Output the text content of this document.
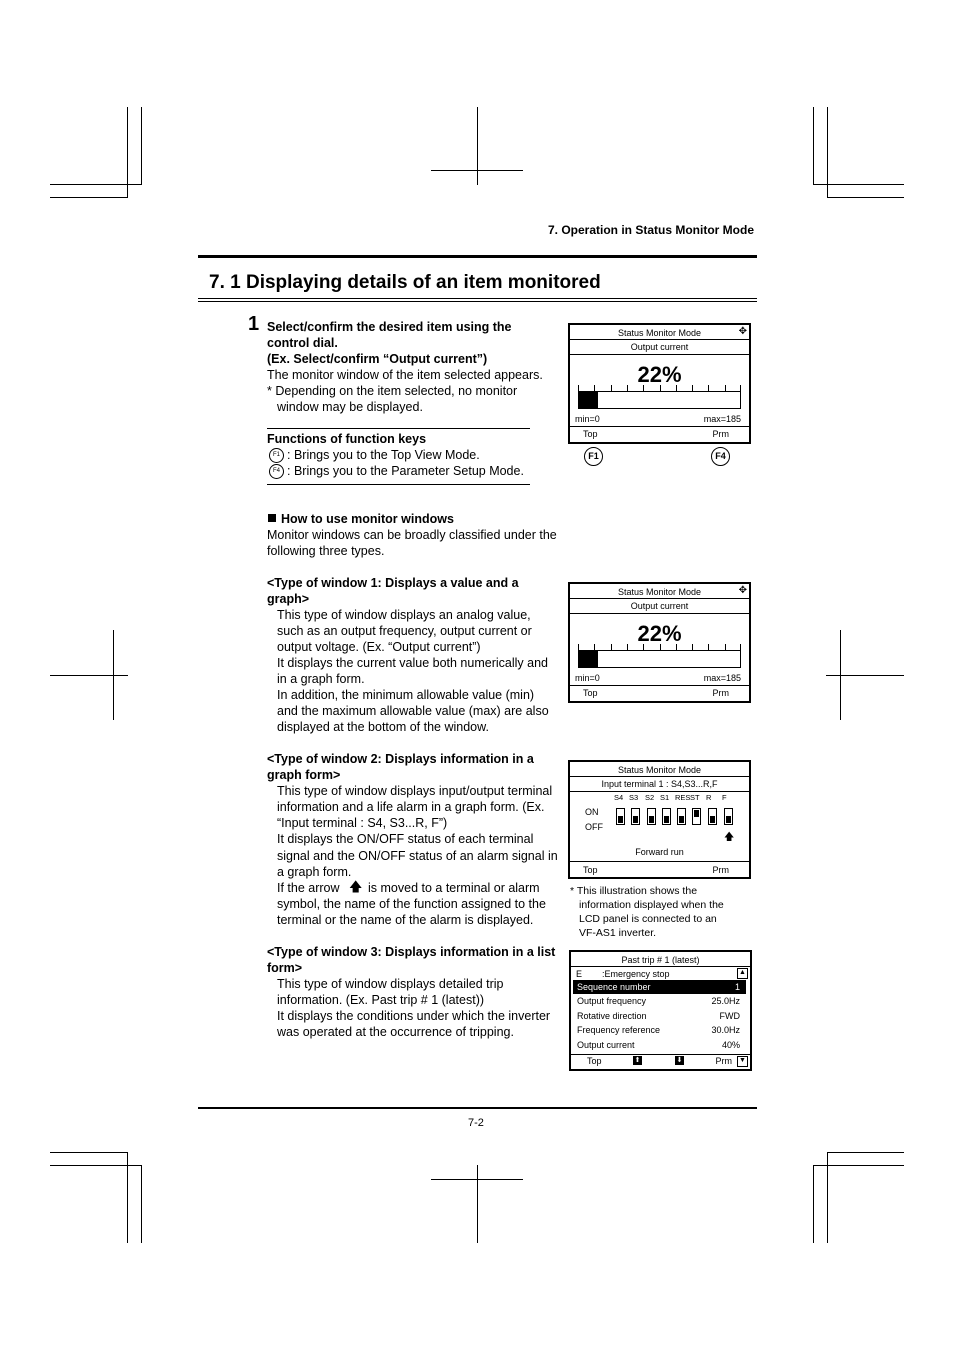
7. Operation in Status Monitor Mode
7. 1 Displaying details of an item monitored
1 Select/confirm the desired item using the
control dial.
(Ex. Select/confirm “Output current”)
The monitor window of the item selected appears.
* Depending on the item selected, no monitor
window may be displayed.
Functions of function keys
F1 : Brings you to the Top View Mode.
F4 : Brings you to the Parameter Setup Mode.
Status Monitor Mode	✥
Output current
22%
min=0	max=185
Top	Prm
F1	F4
How to use monitor windows
Monitor windows can be broadly classified under the
following three types.
<Type of window 1: Displays a value and a
graph>
This type of window displays an analog value,
such as an output frequency, output current or
output voltage. (Ex. “Output current”)
It displays the current value both numerically and
in a graph form.
In addition, the minimum allowable value (min)
and the maximum allowable value (max) are also
displayed at the bottom of the window.
Status Monitor Mode	✥
Output current
22%
min=0	max=185
Top	Prm
<Type of window 2: Displays information in a
graph form>
This type of window displays input/output terminal
information and a life alarm in a graph form. (Ex.
“Input terminal : S4, S3...R, F”)
It displays the ON/OFF status of each terminal
signal and the ON/OFF status of an alarm signal in
a graph form.
If the arrow 🡅 is moved to a terminal or alarm
symbol, the name of the function assigned to the
terminal or the name of the alarm is displayed.
Status Monitor Mode
Input terminal 1 : S4,S3...R,F
S4 S3 S2 S1 RES ST R F
ON
OFF
🡅
Forward run
Top	Prm
* This illustration shows the
information displayed when the
LCD panel is connected to an
VF-AS1 inverter.
<Type of window 3: Displays information in a list
form>
This type of window displays detailed trip
information. (Ex. Past trip # 1 (latest))
It displays the conditions under which the inverter
was operated at the occurrence of tripping.
Past trip # 1 (latest)
E :Emergency stop	▲
Sequence number	1
Output frequency	25.0Hz
Rotative direction	FWD
Frequency reference	30.0Hz
Output current	40%
Top	⬆	⬇	Prm ▼
7-2
